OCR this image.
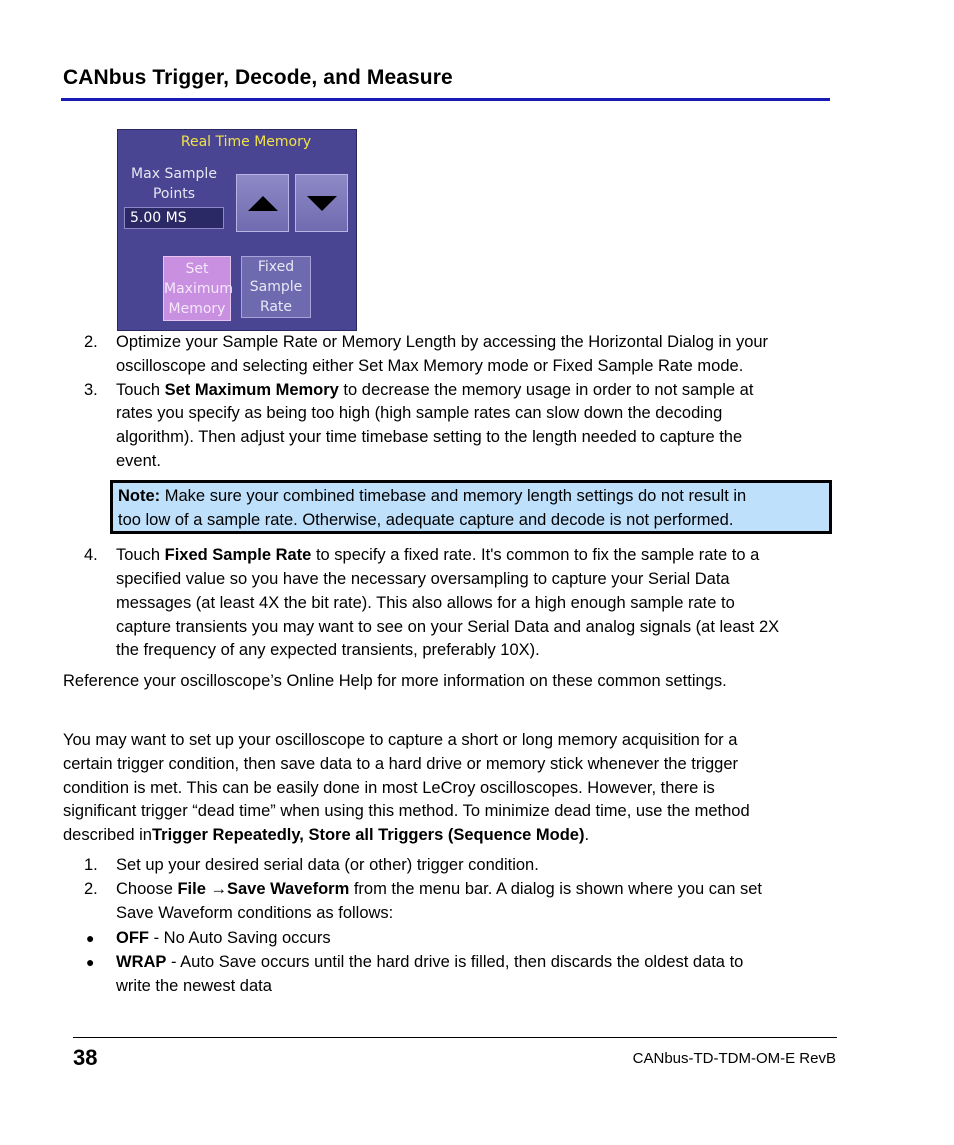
CANbus Trigger, Decode, and Measure
Real Time Memory
Max Sample
Points
5.00 MS
Set
Maximum
Memory
Fixed
Sample
Rate
2. Optimize your Sample Rate or Memory Length by accessing the Horizontal Dialog in your
oscilloscope and selecting either Set Max Memory mode or Fixed Sample Rate mode.
3. Touch Set Maximum Memory to decrease the memory usage in order to not sample at
rates you specify as being too high (high sample rates can slow down the decoding
algorithm). Then adjust your time timebase setting to the length needed to capture the
event.
Note: Make sure your combined timebase and memory length settings do not result in
too low of a sample rate. Otherwise, adequate capture and decode is not performed.
4. Touch Fixed Sample Rate to specify a fixed rate. It's common to fix the sample rate to a
specified value so you have the necessary oversampling to capture your Serial Data
messages (at least 4X the bit rate). This also allows for a high enough sample rate to
capture transients you may want to see on your Serial Data and analog signals (at least 2X
the frequency of any expected transients, preferably 10X).
Reference your oscilloscope’s Online Help for more information on these common settings.
You may want to set up your oscilloscope to capture a short or long memory acquisition for a
certain trigger condition, then save data to a hard drive or memory stick whenever the trigger
condition is met. This can be easily done in most LeCroy oscilloscopes. However, there is
significant trigger “dead time” when using this method. To minimize dead time, use the method
described inTrigger Repeatedly, Store all Triggers (Sequence Mode).
1. Set up your desired serial data (or other) trigger condition.
2. Choose File →Save Waveform from the menu bar. A dialog is shown where you can set
Save Waveform conditions as follows:
● OFF - No Auto Saving occurs
● WRAP - Auto Save occurs until the hard drive is filled, then discards the oldest data to
write the newest data
38	CANbus-TD-TDM-OM-E RevB
